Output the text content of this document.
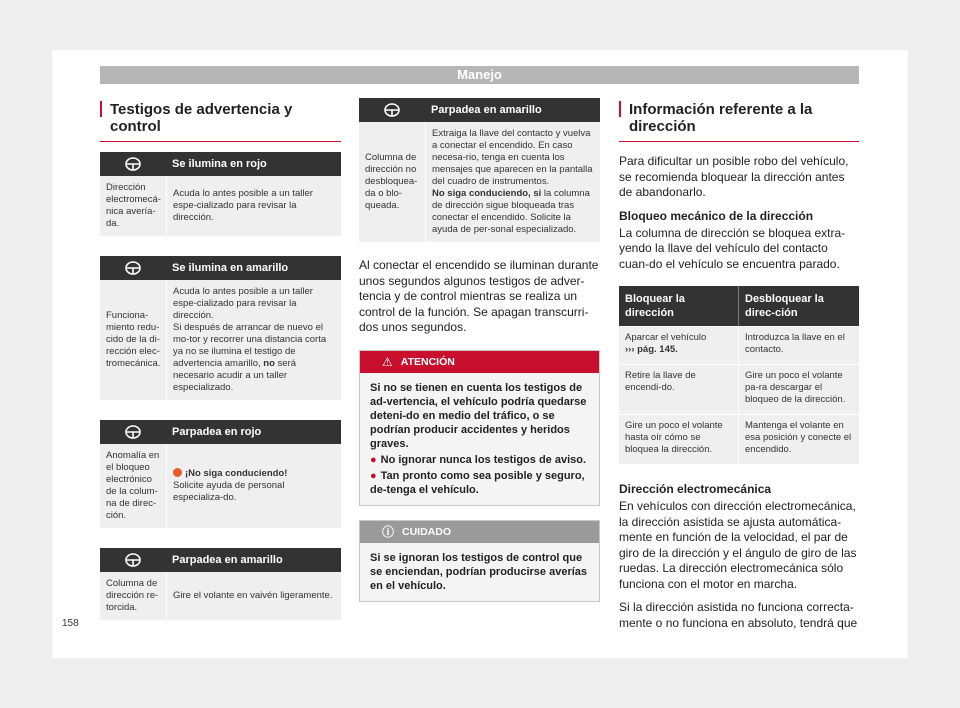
Manejo
Testigos de advertencia y control
Se ilumina en rojo
Dirección electromecá-nica avería-da.
Acuda lo antes posible a un taller espe-cializado para revisar la dirección.
Se ilumina en amarillo
Funciona-miento redu-cido de la di-rección elec-tromecánica.

Acuda lo antes posible a un taller espe-cializado para revisar la dirección.
Si después de arrancar de nuevo el mo-tor y recorrer una distancia corta ya no se ilumina el testigo de advertencia amarillo, no será necesario acudir a un taller especializado.

Parpadea en rojo
Anomalía en el bloqueo electrónico de la colum-na de direc-ción.

¡No siga conduciendo!
Solicite ayuda de personal especializa-do.

Parpadea en amarillo
Columna de dirección re-torcida.
Gire el volante en vaivén ligeramente.
Parpadea en amarillo
Columna de dirección no desbloquea-da o blo-queada.

Extraiga la llave del contacto y vuelva a conectar el encendido. En caso necesa-rio, tenga en cuenta los mensajes que aparecen en la pantalla del cuadro de instrumentos.
No siga conduciendo, si la columna de dirección sigue bloqueada tras conectar el encendido. Solicite la ayuda de per-sonal especializado.

Al conectar el encendido se iluminan durante unos segundos algunos testigos de adver-tencia y de control mientras se realiza un control de la función. Se apagan transcurri-dos unos segundos.

⚠ ATENCIÓN

Si no se tienen en cuenta los testigos de ad-vertencia, el vehículo podría quedarse deteni-do en medio del tráfico, o se podrían producir accidentes y heridos graves.

● No ignorar nunca los testigos de aviso.
● Tan pronto como sea posible y seguro, de-tenga el vehículo.
ⓘ CUIDADO
Si se ignoran los testigos de control que se enciendan, podrían producirse averías en el vehículo.
Información referente a la dirección

Para dificultar un posible robo del vehículo, se recomienda bloquear la dirección antes de abandonarlo.

Bloqueo mecánico de la dirección

La columna de dirección se bloquea extra-yendo la llave del vehículo del contacto cuan-do el vehículo se encuentra parado.

Bloquear la dirección
Desbloquear la direc-ción
Aparcar el vehículo
››› pág. 145.
Introduzca la llave en el contacto.
Retire la llave de encendi-do.
Gire un poco el volante pa-ra descargar el bloqueo de la dirección.
Gire un poco el volante hasta oír cómo se bloquea la dirección.
Mantenga el volante en esa posición y conecte el encendido.

Dirección electromecánica

En vehículos con dirección electromecánica, la dirección asistida se ajusta automática-mente en función de la velocidad, el par de giro de la dirección y el ángulo de giro de las ruedas. La dirección electromecánica sólo funciona con el motor en marcha.

Si la dirección asistida no funciona correcta-mente o no funciona en absoluto, tendrá que

158
